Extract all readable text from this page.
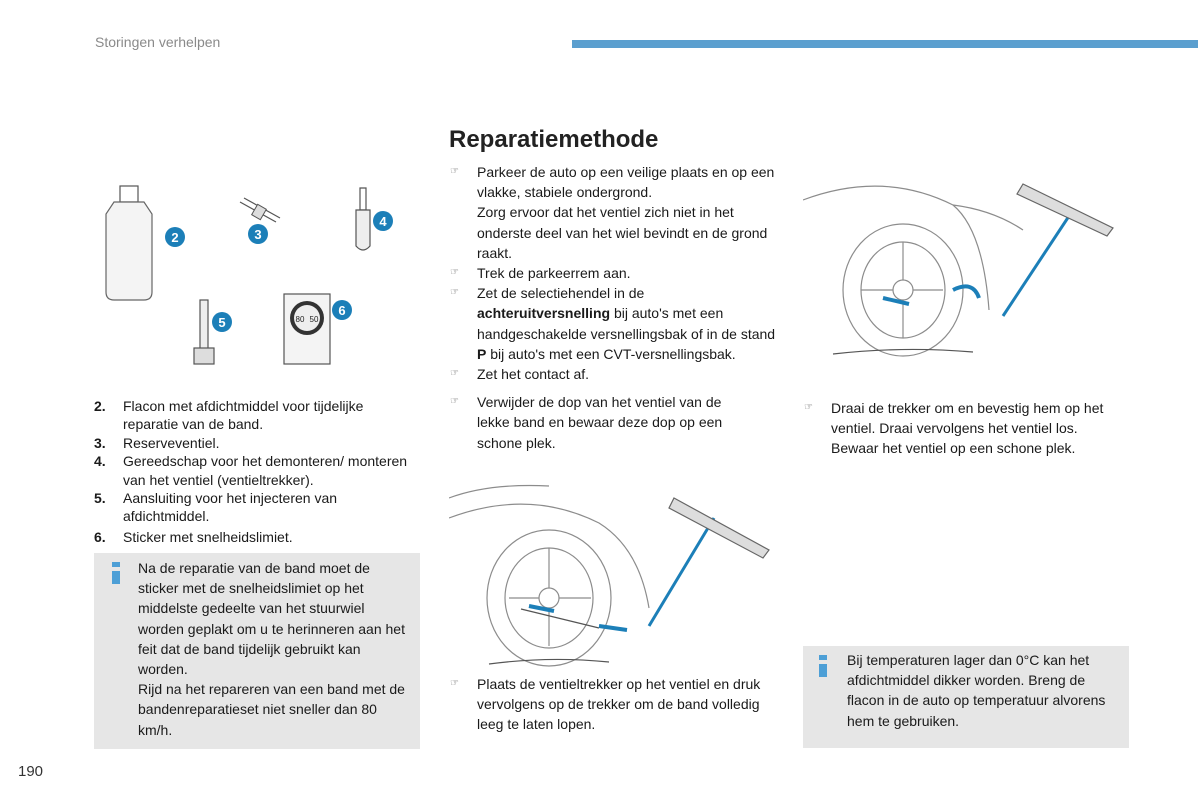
Storingen verhelpen
80 50
2	3
4
5
6
2.	Flacon met afdichtmiddel voor tijdelijke reparatie van de band.
3.	Reserveventiel.
4.	Gereedschap voor het demonteren/ monteren van het ventiel (ventieltrekker).
5.	Aansluiting voor het injecteren van afdichtmiddel.
6.	Sticker met snelheidslimiet.
Na de reparatie van de band moet de sticker met de snelheidslimiet op het middelste gedeelte van het stuurwiel worden geplakt om u te herinneren aan het feit dat de band tijdelijk gebruikt kan worden.
Rijd na het repareren van een band met de bandenreparatieset niet sneller dan 80 km/h.
Reparatiemethode
☞ Parkeer de auto op een veilige plaats en op een vlakke, stabiele ondergrond.
Zorg ervoor dat het ventiel zich niet in het onderste deel van het wiel bevindt en de grond raakt.
☞ Trek de parkeerrem aan.
☞ Zet de selectiehendel in de achteruitversnelling bij auto's met een handgeschakelde versnellingsbak of in de stand P bij auto's met een CVT-versnellingsbak.
☞ Zet het contact af.
☞ Verwijder de dop van het ventiel van de lekke band en bewaar deze dop op een schone plek.
☞ Plaats de ventieltrekker op het ventiel en druk vervolgens op de trekker om de band volledig leeg te laten lopen.
☞ Draai de trekker om en bevestig hem op het ventiel. Draai vervolgens het ventiel los.
Bewaar het ventiel op een schone plek.
Bij temperaturen lager dan 0°C kan het afdichtmiddel dikker worden. Breng de flacon in de auto op temperatuur alvorens hem te gebruiken.
190
